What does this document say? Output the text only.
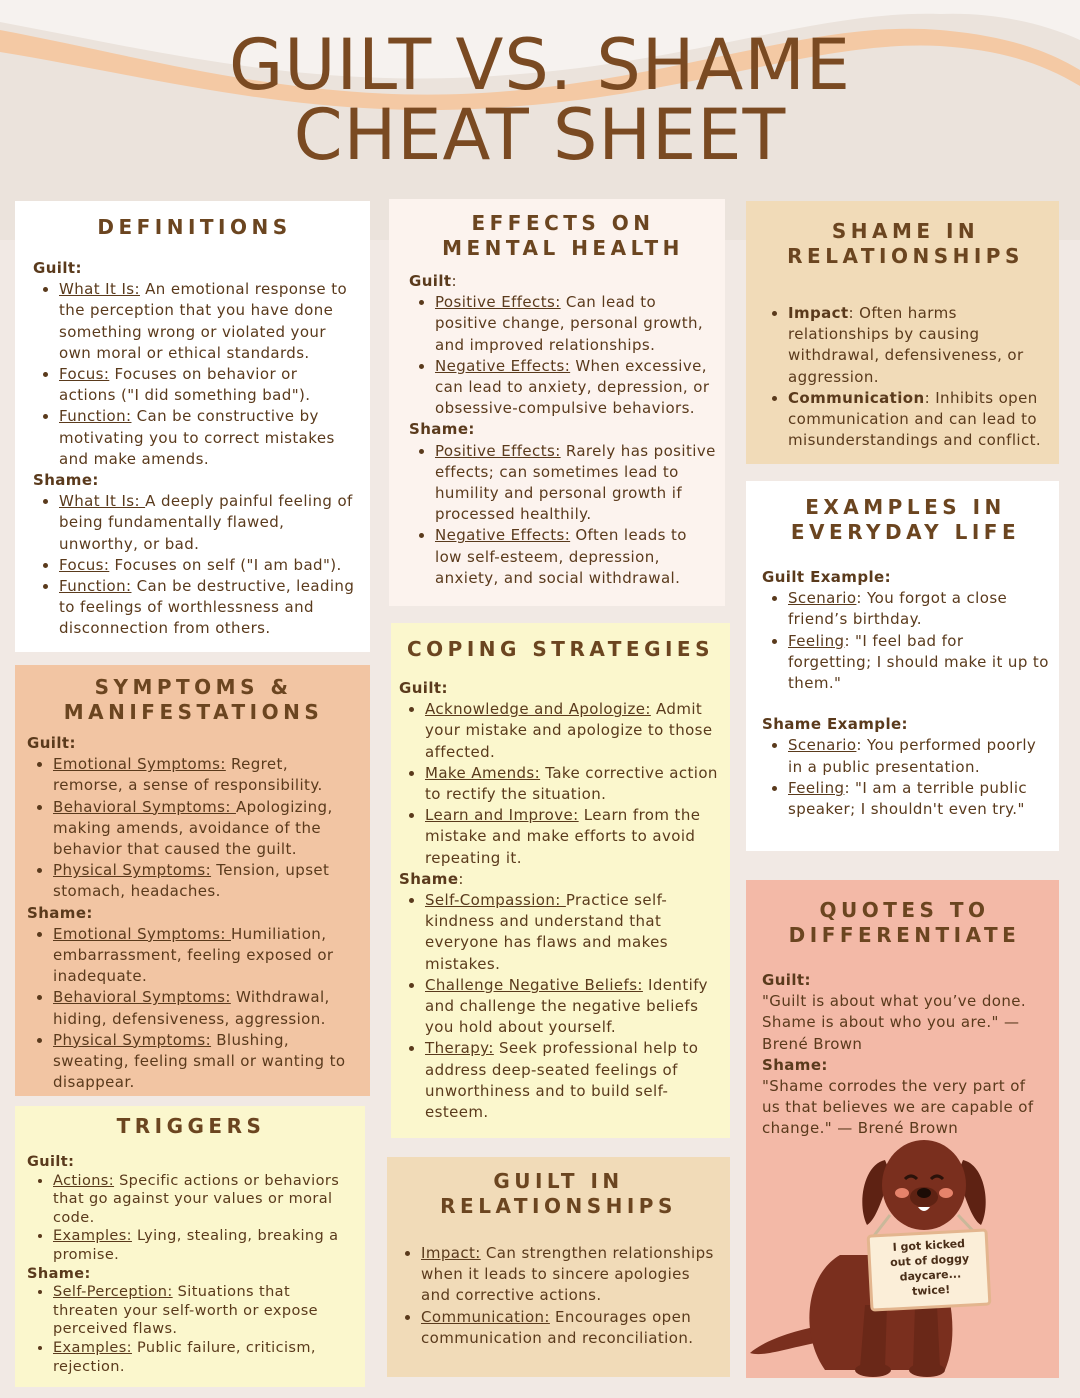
GUILT VS. SHAME
CHEAT SHEET
DEFINITIONS

Guilt:

• What It Is: An emotional response to the perception that you have done something wrong or violated your own moral or ethical standards.
• Focus: Focuses on behavior or actions ("I did something bad").
• Function: Can be constructive by motivating you to correct mistakes and make amends.

Shame:

• What It Is: A deeply painful feeling of being fundamentally flawed, unworthy, or bad.
• Focus: Focuses on self ("I am bad").
• Function: Can be destructive, leading to feelings of worthlessness and disconnection from others.
EFFECTS ON MENTAL HEALTH

Guilt:

• Positive Effects: Can lead to positive change, personal growth, and improved relationships.
• Negative Effects: When excessive, can lead to anxiety, depression, or obsessive-compulsive behaviors.

Shame:

• Positive Effects: Rarely has positive effects; can sometimes lead to humility and personal growth if processed healthily.
• Negative Effects: Often leads to low self-esteem, depression, anxiety, and social withdrawal.
SHAME IN RELATIONSHIPS
• Impact: Often harms relationships by causing withdrawal, defensiveness, or aggression.
• Communication: Inhibits open communication and can lead to misunderstandings and conflict.
EXAMPLES IN EVERYDAY LIFE

Guilt Example:

• Scenario: You forgot a close friend’s birthday.
• Feeling: "I feel bad for forgetting; I should make it up to them."

Shame Example:

• Scenario: You performed poorly in a public presentation.
• Feeling: "I am a terrible public speaker; I shouldn't even try."
SYMPTOMS & MANIFESTATIONS

Guilt:

• Emotional Symptoms: Regret, remorse, a sense of responsibility.
• Behavioral Symptoms: Apologizing, making amends, avoidance of the behavior that caused the guilt.
• Physical Symptoms: Tension, upset stomach, headaches.

Shame:

• Emotional Symptoms: Humiliation, embarrassment, feeling exposed or inadequate.
• Behavioral Symptoms: Withdrawal, hiding, defensiveness, aggression.
• Physical Symptoms: Blushing, sweating, feeling small or wanting to disappear.
COPING STRATEGIES

Guilt:

• Acknowledge and Apologize: Admit your mistake and apologize to those affected.
• Make Amends: Take corrective action to rectify the situation.
• Learn and Improve: Learn from the mistake and make efforts to avoid repeating it.

Shame:

• Self-Compassion: Practice self-kindness and understand that everyone has flaws and makes mistakes.
• Challenge Negative Beliefs: Identify and challenge the negative beliefs you hold about yourself.
• Therapy: Seek professional help to address deep-seated feelings of unworthiness and to build self-esteem.
QUOTES TO DIFFERENTIATE

Guilt:

"Guilt is about what you’ve done. Shame is about who you are." — Brené Brown

Shame:

"Shame corrodes the very part of us that believes we are capable of change." — Brené Brown

I got kicked
out of doggy
daycare...
twice!
TRIGGERS

Guilt:

• Actions: Specific actions or behaviors that go against your values or moral code.
• Examples: Lying, stealing, breaking a promise.

Shame:

• Self-Perception: Situations that threaten your self-worth or expose perceived flaws.
• Examples: Public failure, criticism, rejection.
GUILT IN RELATIONSHIPS
• Impact: Can strengthen relationships when it leads to sincere apologies and corrective actions.
• Communication: Encourages open communication and reconciliation.
